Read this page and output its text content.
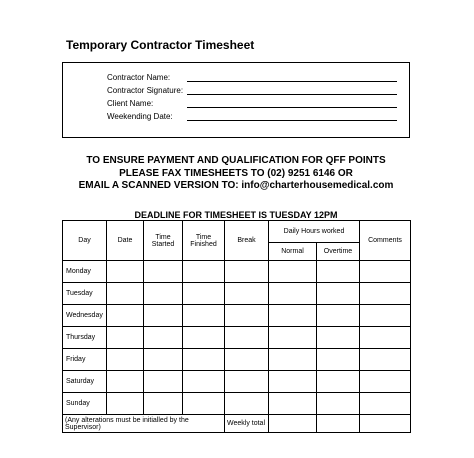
Temporary Contractor Timesheet
Contractor Name:
Contractor Signature:
Client Name:
Weekending Date:
TO ENSURE PAYMENT AND QUALIFICATION FOR QFF POINTS
PLEASE FAX TIMESHEETS TO (02) 9251 6146 OR
EMAIL A SCANNED VERSION TO: info@charterhousemedical.com
DEADLINE FOR TIMESHEET IS TUESDAY 12PM
Day	Date	Time Started	Time Finished	Break	Daily Hours worked		Comments
					Normal	Overtime	
Monday							
Tuesday							
Wednesday							
Thursday							
Friday							
Saturday							
Sunday							
(Any alterations must be initialled by the Supervisor)				Weekly total			
